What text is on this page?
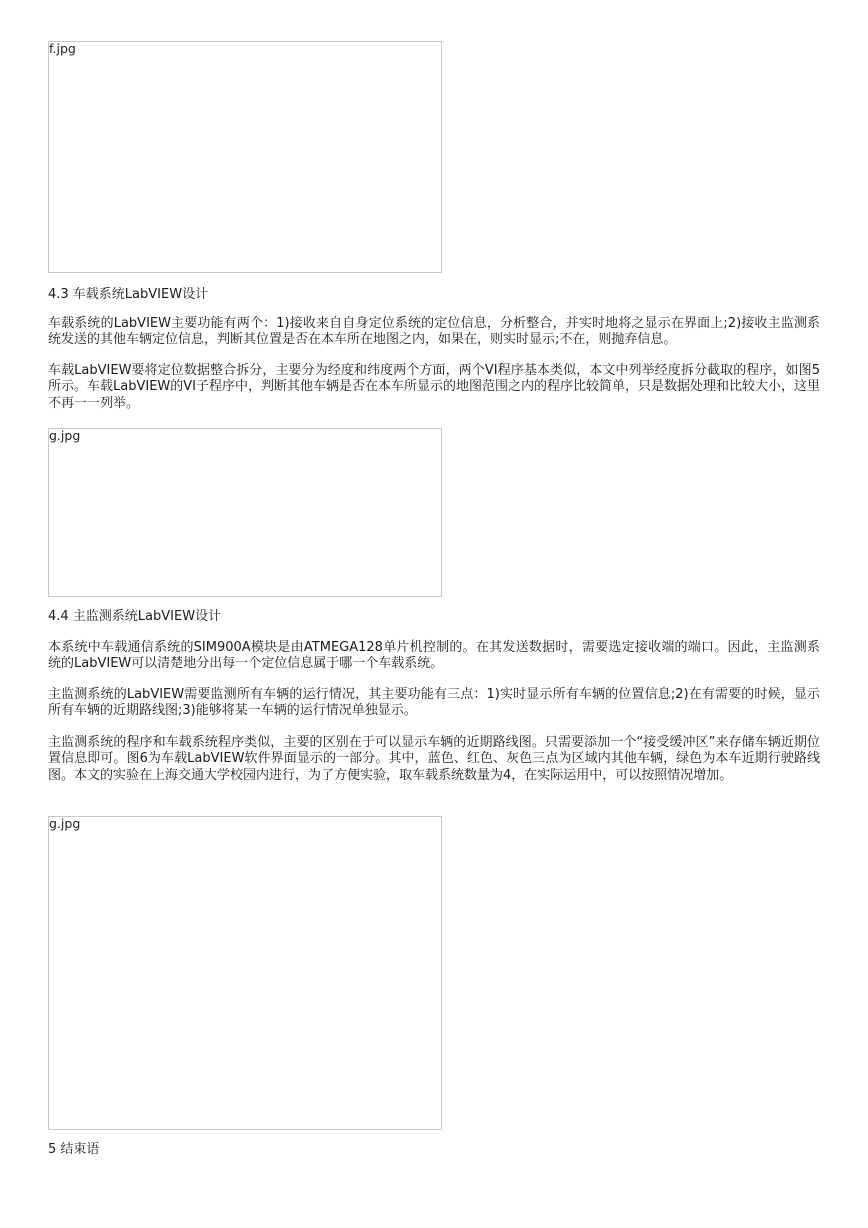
f.jpg
4.3 车载系统LabVIEW设计

车载系统的LabVIEW主要功能有两个：1)接收来自自身定位系统的定位信息，分析整合，并实时地将之显示在界面上;2)接收主监测系统发送的其他车辆定位信息，判断其位置是否在本车所在地图之内，如果在，则实时显示;不在，则抛弃信息。

车载LabVIEW要将定位数据整合拆分，主要分为经度和纬度两个方面，两个VI程序基本类似，本文中列举经度拆分截取的程序，如图5所示。车载LabVIEW的VI子程序中，判断其他车辆是否在本车所显示的地图范围之内的程序比较简单，只是数据处理和比较大小，这里不再一一列举。

g.jpg
4.4 主监测系统LabVIEW设计

本系统中车载通信系统的SIM900A模块是由ATMEGA128单片机控制的。在其发送数据时，需要选定接收端的端口。因此，主监测系统的LabVIEW可以清楚地分出每一个定位信息属于哪一个车载系统。

主监测系统的LabVIEW需要监测所有车辆的运行情况，其主要功能有三点：1)实时显示所有车辆的位置信息;2)在有需要的时候，显示所有车辆的近期路线图;3)能够将某一车辆的运行情况单独显示。

主监测系统的程序和车载系统程序类似，主要的区别在于可以显示车辆的近期路线图。只需要添加一个“接受缓冲区”来存储车辆近期位置信息即可。图6为车载LabVIEW软件界面显示的一部分。其中，蓝色、红色、灰色三点为区域内其他车辆，绿色为本车近期行驶路线图。本文的实验在上海交通大学校园内进行，为了方便实验，取车载系统数量为4，在实际运用中，可以按照情况增加。

g.jpg
5 结束语
